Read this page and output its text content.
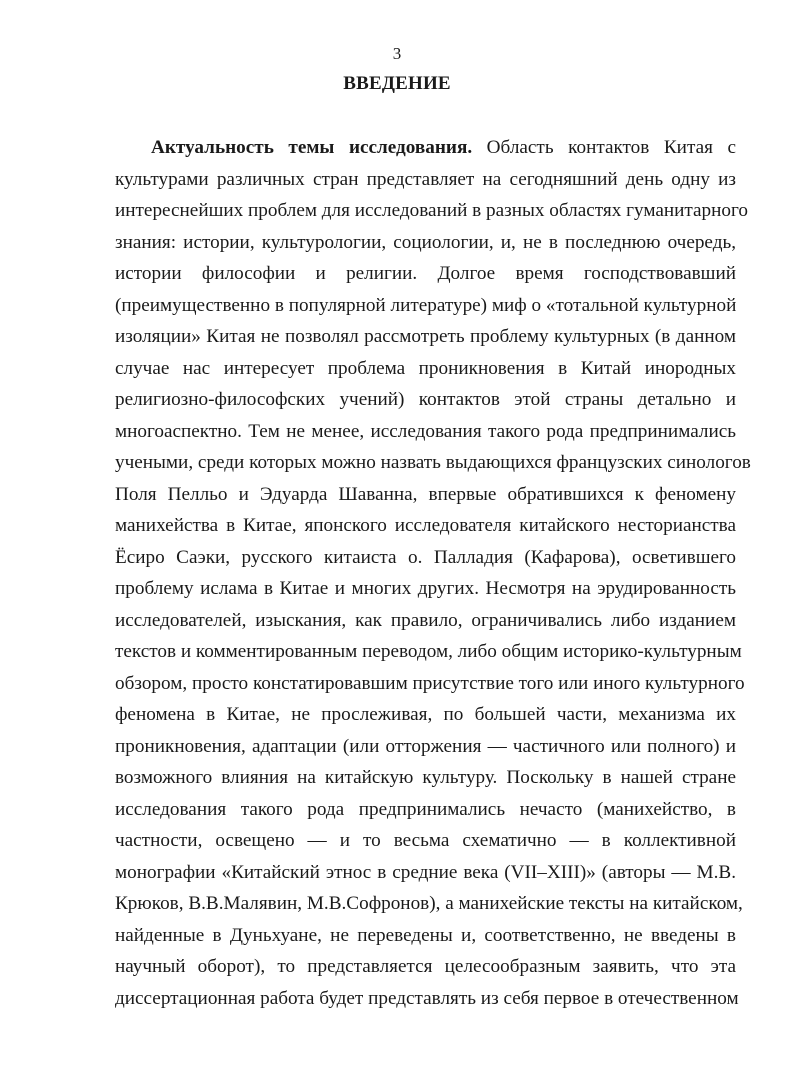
3
ВВЕДЕНИЕ
Актуальность темы исследования. Область контактов Китая с
культурами различных стран представляет на сегодняшний день одну из
интереснейших проблем для исследований в разных областях гуманитарного
знания: истории, культурологии, социологии, и, не в последнюю очередь,
истории философии и религии. Долгое время господствовавший
(преимущественно в популярной литературе) миф о «тотальной культурной
изоляции» Китая не позволял рассмотреть проблему культурных (в данном
случае нас интересует проблема проникновения в Китай инородных
религиозно-философских учений) контактов этой страны детально и
многоаспектно. Тем не менее, исследования такого рода предпринимались
учеными, среди которых можно назвать выдающихся французских синологов
Поля Пелльо и Эдуарда Шаванна, впервые обратившихся к феномену
манихейства в Китае, японского исследователя китайского несторианства
Ёсиро Саэки, русского китаиста о. Палладия (Кафарова), осветившего
проблему ислама в Китае и многих других. Несмотря на эрудированность
исследователей, изыскания, как правило, ограничивались либо изданием
текстов и комментированным переводом, либо общим историко-культурным
обзором, просто констатировавшим присутствие того или иного культурного
феномена в Китае, не прослеживая, по большей части, механизма их
проникновения, адаптации (или отторжения — частичного или полного) и
возможного влияния на китайскую культуру. Поскольку в нашей стране
исследования такого рода предпринимались нечасто (манихейство, в
частности, освещено — и то весьма схематично — в коллективной
монографии «Китайский этнос в средние века (VII–XIII)» (авторы — М.В.
Крюков, В.В.Малявин, М.В.Софронов), а манихейские тексты на китайском,
найденные в Дуньхуане, не переведены и, соответственно, не введены в
научный оборот), то представляется целесообразным заявить, что эта
диссертационная работа будет представлять из себя первое в отечественном
